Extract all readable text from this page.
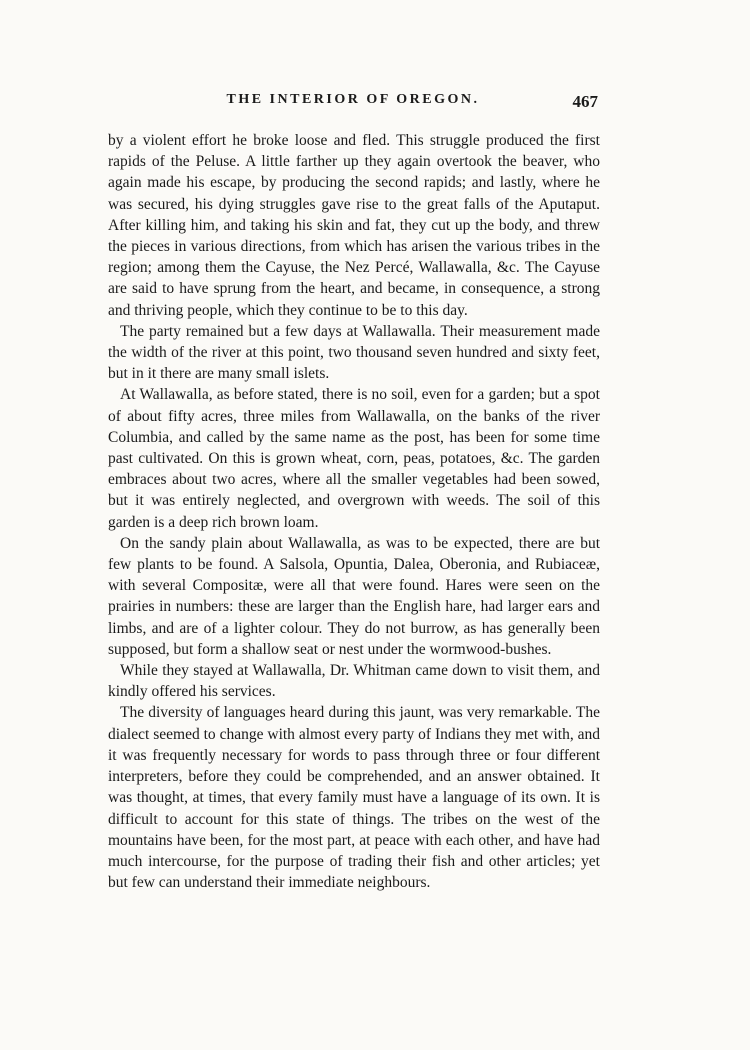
THE INTERIOR OF OREGON.	467

by a violent effort he broke loose and fled. This struggle produced the first rapids of the Peluse. A little farther up they again overtook the beaver, who again made his escape, by producing the second rapids; and lastly, where he was secured, his dying struggles gave rise to the great falls of the Aputaput. After killing him, and taking his skin and fat, they cut up the body, and threw the pieces in various directions, from which has arisen the various tribes in the region; among them the Cayuse, the Nez Percé, Wallawalla, &c. The Cayuse are said to have sprung from the heart, and became, in consequence, a strong and thriving people, which they continue to be to this day.

The party remained but a few days at Wallawalla. Their measurement made the width of the river at this point, two thousand seven hundred and sixty feet, but in it there are many small islets.

At Wallawalla, as before stated, there is no soil, even for a garden; but a spot of about fifty acres, three miles from Wallawalla, on the banks of the river Columbia, and called by the same name as the post, has been for some time past cultivated. On this is grown wheat, corn, peas, potatoes, &c. The garden embraces about two acres, where all the smaller vegetables had been sowed, but it was entirely neglected, and overgrown with weeds. The soil of this garden is a deep rich brown loam.

On the sandy plain about Wallawalla, as was to be expected, there are but few plants to be found. A Salsola, Opuntia, Dalea, Oberonia, and Rubiaceæ, with several Compositæ, were all that were found. Hares were seen on the prairies in numbers: these are larger than the English hare, had larger ears and limbs, and are of a lighter colour. They do not burrow, as has generally been supposed, but form a shallow seat or nest under the wormwood-bushes.

While they stayed at Wallawalla, Dr. Whitman came down to visit them, and kindly offered his services.

The diversity of languages heard during this jaunt, was very remarkable. The dialect seemed to change with almost every party of Indians they met with, and it was frequently necessary for words to pass through three or four different interpreters, before they could be comprehended, and an answer obtained. It was thought, at times, that every family must have a language of its own. It is difficult to account for this state of things. The tribes on the west of the mountains have been, for the most part, at peace with each other, and have had much intercourse, for the purpose of trading their fish and other articles; yet but few can understand their immediate neighbours.
